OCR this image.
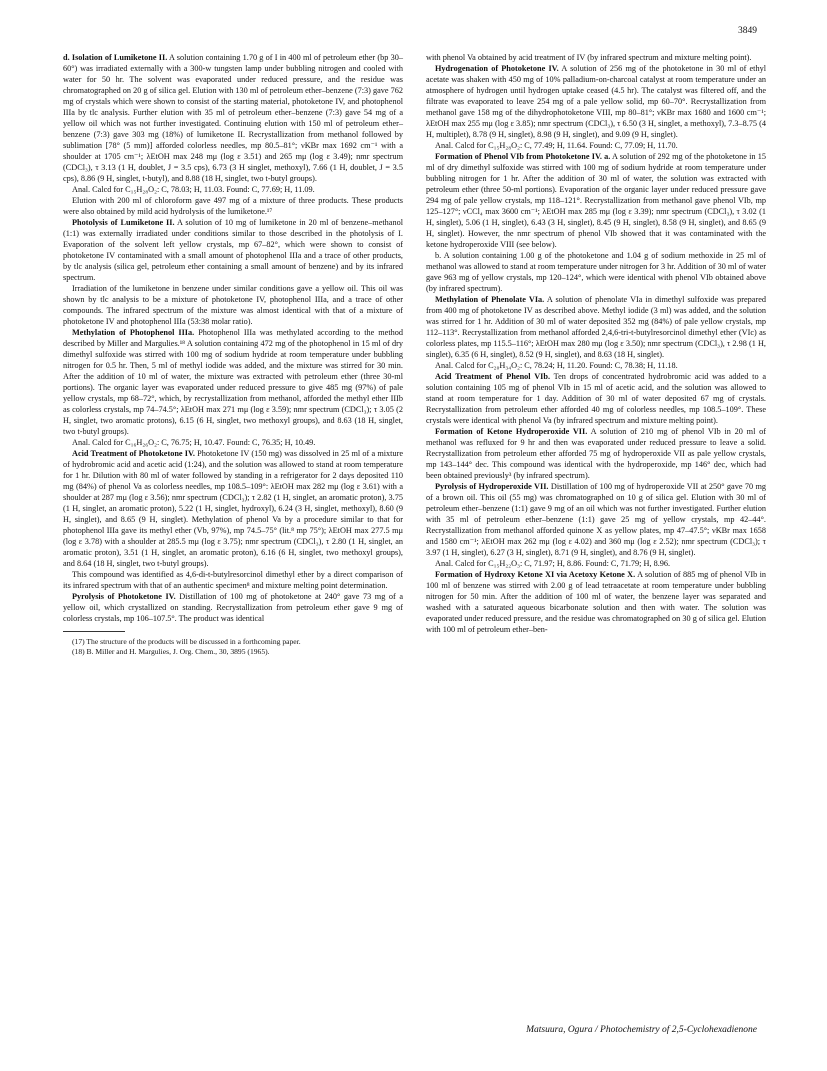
3849

d. Isolation of Lumiketone II. A solution containing 1.70 g of I in 400 ml of petroleum ether (bp 30–60°) was irradiated externally with a 300-w tungsten lamp under bubbling nitrogen and cooled with water for 50 hr. The solvent was evaporated under reduced pressure, and the residue was chromatographed on 20 g of silica gel. Elution with 130 ml of petroleum ether–benzene (7:3) gave 762 mg of crystals which were shown to consist of the starting material, photoketone IV, and photophenol IIIa by tlc analysis. Further elution with 35 ml of petroleum ether–benzene (7:3) gave 54 mg of a yellow oil which was not further investigated. Continuing elution with 150 ml of petroleum ether–benzene (7:3) gave 303 mg (18%) of lumiketone II. Recrystallization from methanol followed by sublimation [78° (5 mm)] afforded colorless needles, mp 80.5–81°; νKBr max 1692 cm⁻¹ with a shoulder at 1705 cm⁻¹; λEtOH max 248 mμ (log ε 3.51) and 265 mμ (log ε 3.49); nmr spectrum (CDCl₃), τ 3.13 (1 H, doublet, J = 3.5 cps), 6.73 (3 H singlet, methoxyl), 7.66 (1 H, doublet, J = 3.5 cps), 8.86 (9 H, singlet, t-butyl), and 8.88 (18 H, singlet, two t-butyl groups).

Anal. Calcd for C₁₅H₂₈O₂: C, 78.03; H, 11.03. Found: C, 77.69; H, 11.09.

Elution with 200 ml of chloroform gave 497 mg of a mixture of three products. These products were also obtained by mild acid hydrolysis of the lumiketone.¹⁷

Photolysis of Lumiketone II. A solution of 10 mg of lumiketone in 20 ml of benzene–methanol (1:1) was externally irradiated under conditions similar to those described in the photolysis of I. Evaporation of the solvent left yellow crystals, mp 67–82°, which were shown to consist of photoketone IV contaminated with a small amount of photophenol IIIa and a trace of other products, by tlc analysis (silica gel, petroleum ether containing a small amount of benzene) and by its infrared spectrum.

Irradiation of the lumiketone in benzene under similar conditions gave a yellow oil. This oil was shown by tlc analysis to be a mixture of photoketone IV, photophenol IIIa, and a trace of other compounds. The infrared spectrum of the mixture was almost identical with that of a mixture of photoketone IV and photophenol IIIa (53:38 molar ratio).

Methylation of Photophenol IIIa. Photophenol IIIa was methylated according to the method described by Miller and Margulies.¹⁸ A solution containing 472 mg of the photophenol in 15 ml of dry dimethyl sulfoxide was stirred with 100 mg of sodium hydride at room temperature under bubbling nitrogen for 0.5 hr. Then, 5 ml of methyl iodide was added, and the mixture was stirred for 30 min. After the addition of 10 ml of water, the mixture was extracted with petroleum ether (three 30-ml portions). The organic layer was evaporated under reduced pressure to give 485 mg (97%) of pale yellow crystals, mp 68–72°, which, by recrystallization from methanol, afforded the methyl ether IIIb as colorless crystals, mp 74–74.5°; λEtOH max 271 mμ (log ε 3.59); nmr spectrum (CDCl₃); τ 3.05 (2 H, singlet, two aromatic protons), 6.15 (6 H, singlet, two methoxyl groups), and 8.63 (18 H, singlet, two t-butyl groups).

Anal. Calcd for C₁₆H₂₆O₂: C, 76.75; H, 10.47. Found: C, 76.35; H, 10.49.

Acid Treatment of Photoketone IV. Photoketone IV (150 mg) was dissolved in 25 ml of a mixture of hydrobromic acid and acetic acid (1:24), and the solution was allowed to stand at room temperature for 1 hr. Dilution with 80 ml of water followed by standing in a refrigerator for 2 days deposited 110 mg (84%) of phenol Va as colorless needles, mp 108.5–109°: λEtOH max 282 mμ (log ε 3.61) with a shoulder at 287 mμ (log ε 3.56); nmr spectrum (CDCl₃); τ 2.82 (1 H, singlet, an aromatic proton), 3.75 (1 H, singlet, an aromatic proton), 5.22 (1 H, singlet, hydroxyl), 6.24 (3 H, singlet, methoxyl), 8.60 (9 H, singlet), and 8.65 (9 H, singlet). Methylation of phenol Va by a procedure similar to that for photophenol IIIa gave its methyl ether (Vb, 97%), mp 74.5–75° (lit.⁸ mp 75°); λEtOH max 277.5 mμ (log ε 3.78) with a shoulder at 285.5 mμ (log ε 3.75); nmr spectrum (CDCl₃), τ 2.80 (1 H, singlet, an aromatic proton), 3.51 (1 H, singlet, an aromatic proton), 6.16 (6 H, singlet, two methoxyl groups), and 8.64 (18 H, singlet, two t-butyl groups).

This compound was identified as 4,6-di-t-butylresorcinol dimethyl ether by a direct comparison of its infrared spectrum with that of an authentic specimen⁸ and mixture melting point determination.

Pyrolysis of Photoketone IV. Distillation of 100 mg of photoketone at 240° gave 73 mg of a yellow oil, which crystallized on standing. Recrystallization from petroleum ether gave 9 mg of colorless crystals, mp 106–107.5°. The product was identical

(17) The structure of the products will be discussed in a forthcoming paper.

(18) B. Miller and H. Margulies, J. Org. Chem., 30, 3895 (1965).

with phenol Va obtained by acid treatment of IV (by infrared spectrum and mixture melting point).

Hydrogenation of Photoketone IV. A solution of 256 mg of the photoketone in 30 ml of ethyl acetate was shaken with 450 mg of 10% palladium-on-charcoal catalyst at room temperature under an atmosphere of hydrogen until hydrogen uptake ceased (4.5 hr). The catalyst was filtered off, and the filtrate was evaporated to leave 254 mg of a pale yellow solid, mp 60–70°. Recrystallization from methanol gave 158 mg of the dihydrophotoketone VIII, mp 80–81°; νKBr max 1680 and 1600 cm⁻¹; λEtOH max 255 mμ (log ε 3.85); nmr spectrum (CDCl₃), τ 6.50 (3 H, singlet, a methoxyl), 7.3–8.75 (4 H, multiplet), 8.78 (9 H, singlet), 8.98 (9 H, singlet), and 9.09 (9 H, singlet).

Anal. Calcd for C₁₅H₂₈O₂: C, 77.49; H, 11.64. Found: C, 77.09; H, 11.70.

Formation of Phenol VIb from Photoketone IV. a. A solution of 292 mg of the photoketone in 15 ml of dry dimethyl sulfoxide was stirred with 100 mg of sodium hydride at room temperature under bubbling nitrogen for 1 hr. After the addition of 30 ml of water, the solution was extracted with petroleum ether (three 50-ml portions). Evaporation of the organic layer under reduced pressure gave 294 mg of pale yellow crystals, mp 118–121°. Recrystallization from methanol gave phenol VIb, mp 125–127°; νCCl₄ max 3600 cm⁻¹; λEtOH max 285 mμ (log ε 3.39); nmr spectrum (CDCl₃), τ 3.02 (1 H, singlet), 5.06 (1 H, singlet), 6.43 (3 H, singlet), 8.45 (9 H, singlet), 8.58 (9 H, singlet), and 8.65 (9 H, singlet). However, the nmr spectrum of phenol VIb showed that it was contaminated with the ketone hydroperoxide VIII (see below).

b. A solution containing 1.00 g of the photoketone and 1.04 g of sodium methoxide in 25 ml of methanol was allowed to stand at room temperature under nitrogen for 3 hr. Addition of 30 ml of water gave 963 mg of yellow crystals, mp 120–124°, which were identical with phenol VIb obtained above (by infrared spectrum).

Methylation of Phenolate VIa. A solution of phenolate VIa in dimethyl sulfoxide was prepared from 400 mg of photoketone IV as described above. Methyl iodide (3 ml) was added, and the solution was stirred for 1 hr. Addition of 30 ml of water deposited 352 mg (84%) of pale yellow crystals, mp 112–113°. Recrystallization from methanol afforded 2,4,6-tri-t-butylresorcinol dimethyl ether (VIc) as colorless plates, mp 115.5–116°; λEtOH max 280 mμ (log ε 3.50); nmr spectrum (CDCl₃), τ 2.98 (1 H, singlet), 6.35 (6 H, singlet), 8.52 (9 H, singlet), and 8.63 (18 H, singlet).

Anal. Calcd for C₂₀H₃₄O₂: C, 78.24; H, 11.20. Found: C, 78.38; H, 11.18.

Acid Treatment of Phenol VIb. Ten drops of concentrated hydrobromic acid was added to a solution containing 105 mg of phenol VIb in 15 ml of acetic acid, and the solution was allowed to stand at room temperature for 1 day. Addition of 30 ml of water deposited 67 mg of crystals. Recrystallization from petroleum ether afforded 40 mg of colorless needles, mp 108.5–109°. These crystals were identical with phenol Va (by infrared spectrum and mixture melting point).

Formation of Ketone Hydroperoxide VII. A solution of 210 mg of phenol VIb in 20 ml of methanol was refluxed for 9 hr and then was evaporated under reduced pressure to leave a solid. Recrystallization from petroleum ether afforded 75 mg of hydroperoxide VII as pale yellow crystals, mp 143–144° dec. This compound was identical with the hydroperoxide, mp 146° dec, which had been obtained previously³ (by infrared spectrum).

Pyrolysis of Hydroperoxide VII. Distillation of 100 mg of hydroperoxide VII at 250° gave 70 mg of a brown oil. This oil (55 mg) was chromatographed on 10 g of silica gel. Elution with 30 ml of petroleum ether–benzene (1:1) gave 9 mg of an oil which was not further investigated. Further elution with 35 ml of petroleum ether–benzene (1:1) gave 25 mg of yellow crystals, mp 42–44°. Recrystallization from methanol afforded quinone X as yellow plates, mp 47–47.5°; νKBr max 1658 and 1580 cm⁻¹; λEtOH max 262 mμ (log ε 4.02) and 360 mμ (log ε 2.52); nmr spectrum (CDCl₃); τ 3.97 (1 H, singlet), 6.27 (3 H, singlet), 8.71 (9 H, singlet), and 8.76 (9 H, singlet).

Anal. Calcd for C₁₅H₂₂O₃: C, 71.97; H, 8.86. Found: C, 71.79; H, 8.96.

Formation of Hydroxy Ketone XI via Acetoxy Ketone X. A solution of 885 mg of phenol VIb in 100 ml of benzene was stirred with 2.00 g of lead tetraacetate at room temperature under bubbling nitrogen for 50 min. After the addition of 100 ml of water, the benzene layer was separated and washed with a saturated aqueous bicarbonate solution and then with water. The solution was evaporated under reduced pressure, and the residue was chromatographed on 30 g of silica gel. Elution with 100 ml of petroleum ether–ben-

Matsuura, Ogura / Photochemistry of 2,5-Cyclohexadienone
